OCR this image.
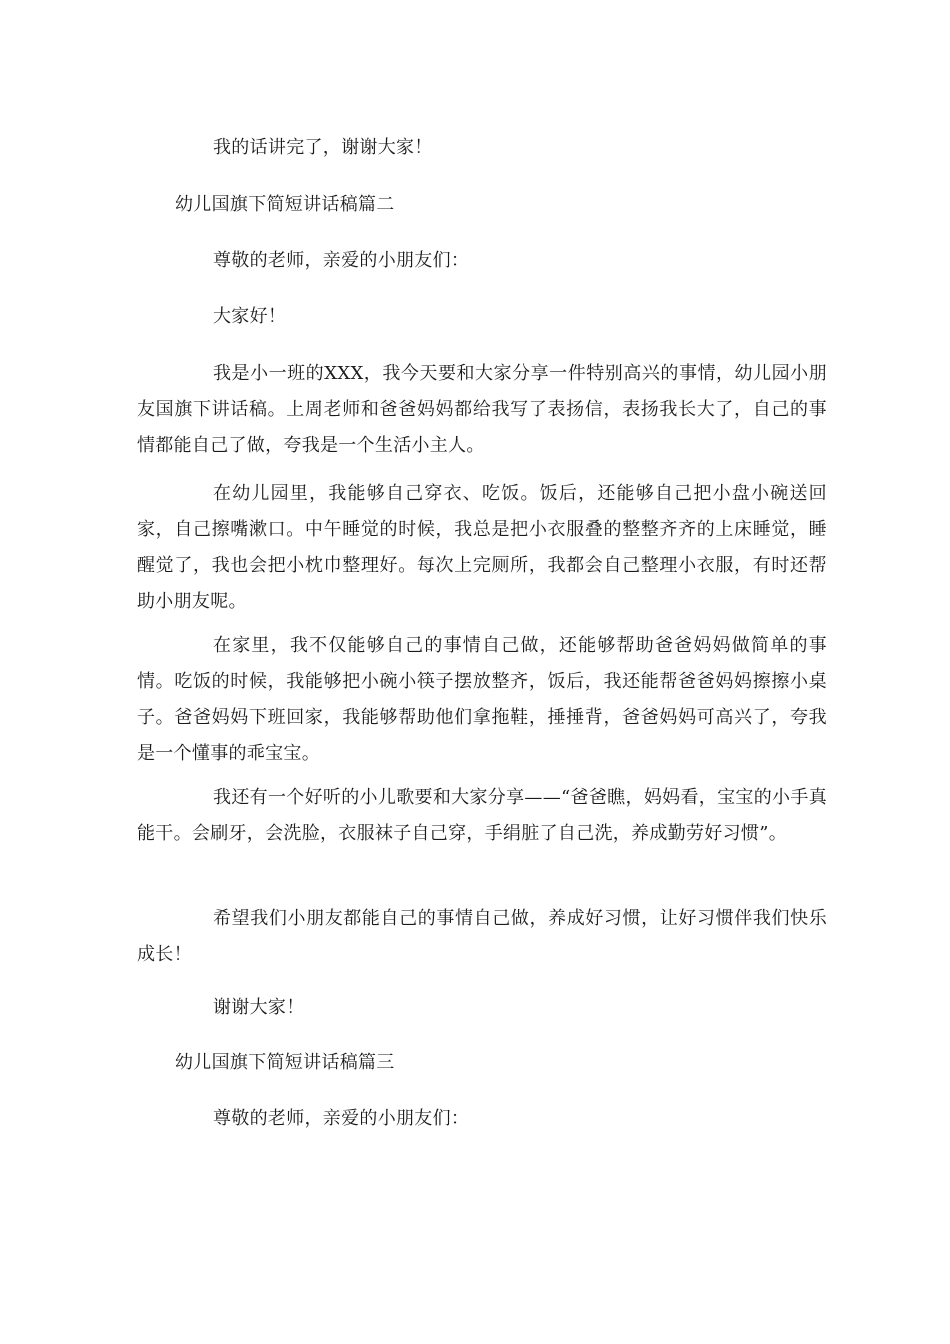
我的话讲完了，谢谢大家！
幼儿国旗下简短讲话稿篇二
尊敬的老师，亲爱的小朋友们：
大家好！

我是小一班的XXX，我今天要和大家分享一件特别高兴的事情，幼儿园小朋友国旗下讲话稿。上周老师和爸爸妈妈都给我写了表扬信，表扬我长大了，自己的事情都能自己了做，夸我是一个生活小主人。

在幼儿园里，我能够自己穿衣、吃饭。饭后，还能够自己把小盘小碗送回家，自己擦嘴漱口。中午睡觉的时候，我总是把小衣服叠的整整齐齐的上床睡觉，睡醒觉了，我也会把小枕巾整理好。每次上完厕所，我都会自己整理小衣服，有时还帮助小朋友呢。

在家里，我不仅能够自己的事情自己做，还能够帮助爸爸妈妈做简单的事情。吃饭的时候，我能够把小碗小筷子摆放整齐，饭后，我还能帮爸爸妈妈擦擦小桌子。爸爸妈妈下班回家，我能够帮助他们拿拖鞋，捶捶背，爸爸妈妈可高兴了，夸我是一个懂事的乖宝宝。

我还有一个好听的小儿歌要和大家分享——“爸爸瞧，妈妈看，宝宝的小手真能干。会刷牙，会洗脸，衣服袜子自己穿，手绢脏了自己洗，养成勤劳好习惯”。

希望我们小朋友都能自己的事情自己做，养成好习惯，让好习惯伴我们快乐成长！

谢谢大家！
幼儿国旗下简短讲话稿篇三
尊敬的老师，亲爱的小朋友们：
